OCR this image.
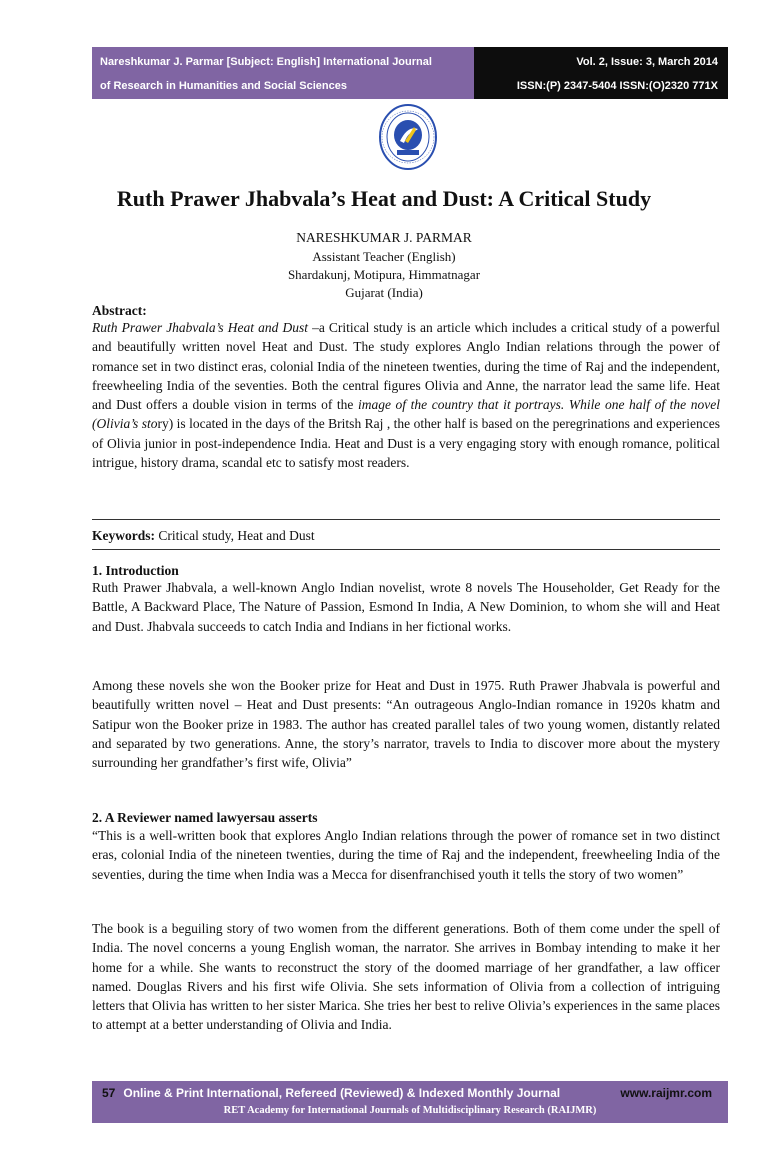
Nareshkumar J. Parmar [Subject: English] International Journal
of Research in Humanities and Social Sciences
Vol. 2, Issue: 3, March 2014
ISSN:(P) 2347-5404 ISSN:(O)2320 771X
Ruth Prawer Jhabvala’s Heat and Dust: A Critical Study
NARESHKUMAR J. PARMAR
Assistant Teacher (English)
Shardakunj, Motipura, Himmatnagar
Gujarat (India)
Abstract:
Ruth Prawer Jhabvala’s Heat and Dust –a Critical study is an article which includes a critical study of a powerful and beautifully written novel Heat and Dust. The study explores Anglo Indian relations through the power of romance set in two distinct eras, colonial India of the nineteen twenties, during the time of Raj and the independent, freewheeling India of the seventies. Both the central figures Olivia and Anne, the narrator lead the same life. Heat and Dust offers a double vision in terms of the image of the country that it portrays. While one half of the novel (Olivia’s story) is located in the days of the Britsh Raj , the other half is based on the peregrinations and experiences of Olivia junior in post-independence India. Heat and Dust is a very engaging story with enough romance, political intrigue, history drama, scandal etc to satisfy most readers.
Keywords: Critical study, Heat and Dust
1. Introduction
Ruth Prawer Jhabvala, a well-known Anglo Indian novelist, wrote 8 novels The Householder, Get Ready for the Battle, A Backward Place, The Nature of Passion, Esmond In India, A New Dominion, to whom she will and Heat and Dust. Jhabvala succeeds to catch India and Indians in her fictional works.
Among these novels she won the Booker prize for Heat and Dust in 1975. Ruth Prawer Jhabvala is powerful and beautifully written novel – Heat and Dust presents: “An outrageous Anglo-Indian romance in 1920s khatm and Satipur won the Booker prize in 1983. The author has created parallel tales of two young women, distantly related and separated by two generations. Anne, the story’s narrator, travels to India to discover more about the mystery surrounding her grandfather’s first wife, Olivia”
2. A Reviewer named lawyersau asserts
“This is a well-written book that explores Anglo Indian relations through the power of romance set in two distinct eras, colonial India of the nineteen twenties, during the time of Raj and the independent, freewheeling India of the seventies, during the time when India was a Mecca for disenfranchised youth it tells the story of two women”
The book is a beguiling story of two women from the different generations. Both of them come under the spell of India. The novel concerns a young English woman, the narrator. She arrives in Bombay intending to make it her home for a while. She wants to reconstruct the story of the doomed marriage of her grandfather, a law officer named. Douglas Rivers and his first wife Olivia. She sets information of Olivia from a collection of intriguing letters that Olivia has written to her sister Marica. She tries her best to relive Olivia’s experiences in the same places to attempt at a better understanding of Olivia and India.
57 Online & Print International, Refereed (Reviewed) & Indexed Monthly Journal	www.raijmr.com
RET Academy for International Journals of Multidisciplinary Research (RAIJMR)
